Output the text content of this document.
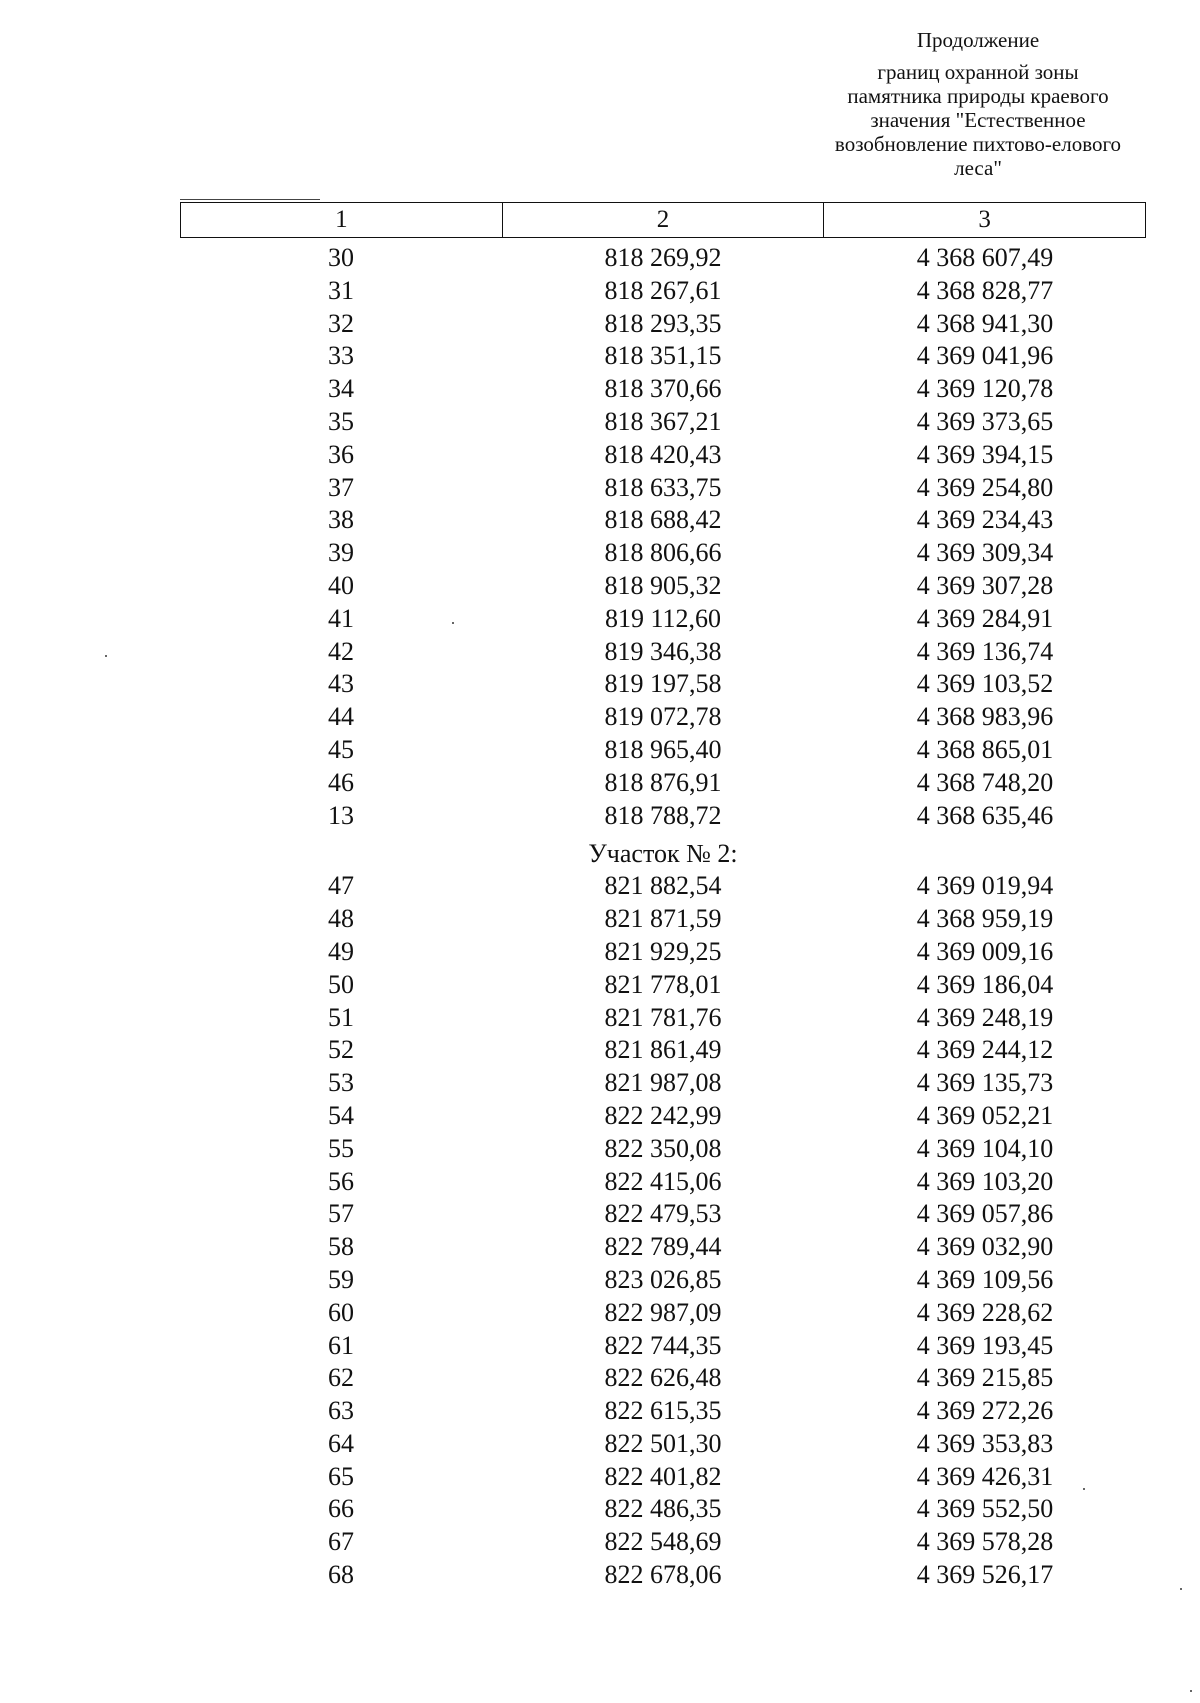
Продолжение
границ охранной зоны
памятника природы краевого
значения "Естественное
возобновление пихтово-елового
леса"
1	2	3
30	818 269,92	4 368 607,49
31	818 267,61	4 368 828,77
32	818 293,35	4 368 941,30
33	818 351,15	4 369 041,96
34	818 370,66	4 369 120,78
35	818 367,21	4 369 373,65
36	818 420,43	4 369 394,15
37	818 633,75	4 369 254,80
38	818 688,42	4 369 234,43
39	818 806,66	4 369 309,34
40	818 905,32	4 369 307,28
41	819 112,60	4 369 284,91
42	819 346,38	4 369 136,74
43	819 197,58	4 369 103,52
44	819 072,78	4 368 983,96
45	818 965,40	4 368 865,01
46	818 876,91	4 368 748,20
13	818 788,72	4 368 635,46
Участок № 2:
47	821 882,54	4 369 019,94
48	821 871,59	4 368 959,19
49	821 929,25	4 369 009,16
50	821 778,01	4 369 186,04
51	821 781,76	4 369 248,19
52	821 861,49	4 369 244,12
53	821 987,08	4 369 135,73
54	822 242,99	4 369 052,21
55	822 350,08	4 369 104,10
56	822 415,06	4 369 103,20
57	822 479,53	4 369 057,86
58	822 789,44	4 369 032,90
59	823 026,85	4 369 109,56
60	822 987,09	4 369 228,62
61	822 744,35	4 369 193,45
62	822 626,48	4 369 215,85
63	822 615,35	4 369 272,26
64	822 501,30	4 369 353,83
65	822 401,82	4 369 426,31
66	822 486,35	4 369 552,50
67	822 548,69	4 369 578,28
68	822 678,06	4 369 526,17
